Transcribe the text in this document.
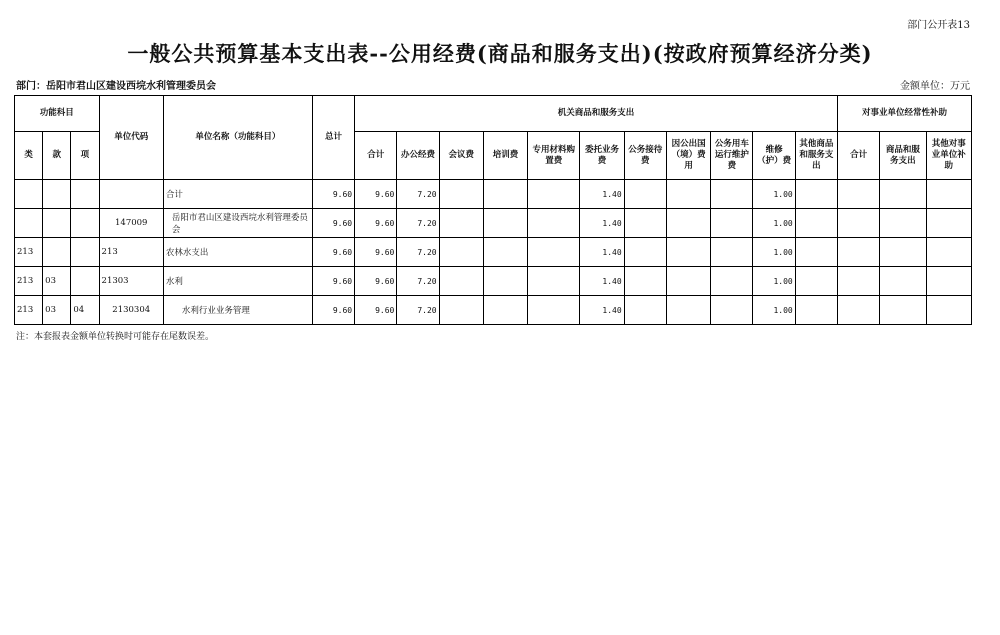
部门公开表13
一般公共预算基本支出表--公用经费(商品和服务支出)(按政府预算经济分类)
部门：岳阳市君山区建设西垸水利管理委员会	金额单位：万元
功能科目			单位代码	单位名称（功能科目）	总计	机关商品和服务支出											对事业单位经常性补助		
类	款	项				合计	办公经费	会议费	培训费	专用材料购置费	委托业务费	公务接待费	因公出国（境）费用	公务用车运行维护费	维修（护）费	其他商品和服务支出	合计	商品和服务支出	其他对事业单位补助
				合计	9.60	9.60	7.20				1.40				1.00				
			147009	岳阳市君山区建设西垸水利管理委员会	9.60	9.60	7.20				1.40				1.00				
213			213	农林水支出	9.60	9.60	7.20				1.40				1.00				
213	03		21303	水利	9.60	9.60	7.20				1.40				1.00				
213	03	04	2130304	水利行业业务管理	9.60	9.60	7.20				1.40				1.00				
注：本套报表金额单位转换时可能存在尾数误差。
